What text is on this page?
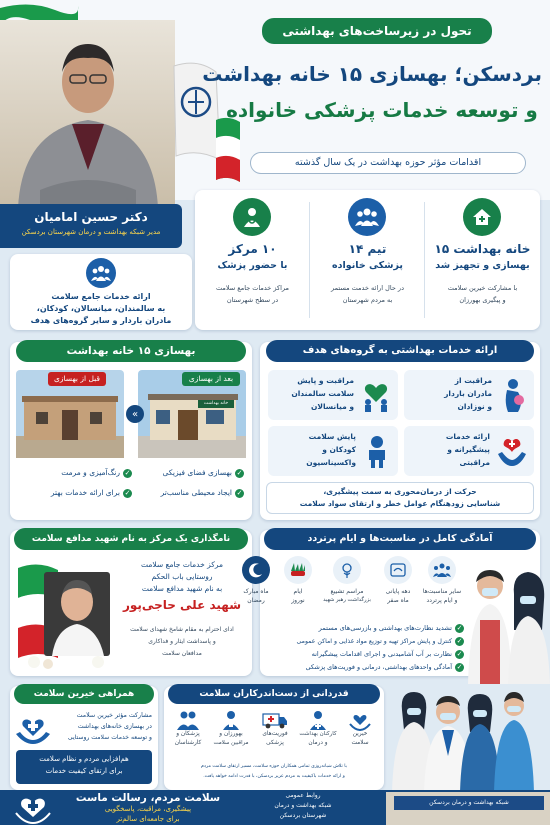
دکتر حسین امامیان
مدیر شبکه بهداشت و درمان شهرستان بردسکن
تحول در زیرساخت‌های بهداشتی
بردسکن؛ بهسازی ۱۵ خانه بهداشت
و توسعه خدمات پزشکی خانواده
اقدامات مؤثر حوزه بهداشت در یک سال گذشته
خانه بهداشت ۱۵
بهسازی و تجهیز شد
با مشارکت خیرین سلامت
و پیگیری بهورزان
تیم ۱۴
پزشکی خانواده
در حال ارائه خدمت مستمر
به مردم شهرستان
۱۰ مرکز
با حضور پزشک
مراکز خدمات جامع سلامت
در سطح شهرستان
ارائه خدمات جامع سلامت
به سالمندان، میانسالان، کودکان،
مادران باردار و سایر گروه‌های هدف
بهسازی ۱۵ خانه بهداشت
خانه بهداشت
بعد از بهسازی
»
قبل از بهسازی
✓بهسازی فضای فیزیکی
✓رنگ‌آمیزی و مرمت
✓ایجاد محیطی مناسب‌تر
✓برای ارائه خدمات بهتر
ارائه خدمات بهداشتی به گروه‌های هدف
مراقبت از
مادران باردار
و نوزادان
مراقبت و پایش
سلامت سالمندان
و میانسالان
ارائه خدمات
پیشگیرانه و
مراقبتی
پایش سلامت
کودکان و
واکسیناسیون
حرکت از درمان‌محوری به سمت پیشگیری،
شناسایی زودهنگام عوامل خطر و ارتقای سواد سلامت
نامگذاری یک مرکز به نام شهید مدافع سلامت
مرکز خدمات جامع سلامت
روستایی باب الحکم
به نام شهید مدافع سلامت
شهید علی حاجی‌پور
ادای احترام به مقام شامخ شهدای سلامت
و پاسداشت ایثار و فداکاری
مدافعان سلامت
آمادگی کامل در مناسبت‌ها و ایام پرتردد
سایر مناسبت‌ها
و ایام پرتردد
دهه پایانی
ماه صفر
مراسم تشییع
بزرگداشت رهبر شهید
ایام
نوروز
ماه مبارک
رمضان
✓تشدید نظارت‌های بهداشتی و بازرسی‌های مستمر
✓کنترل و پایش مراکز تهیه و توزیع مواد غذایی و اماکن عمومی
✓نظارت بر آب آشامیدنی و اجرای اقدامات پیشگیرانه
✓آمادگی واحدهای بهداشتی، درمانی و فوریت‌های پزشکی
همراهی خیرین سلامت
مشارکت مؤثر خیرین سلامت
در بهسازی خانه‌های بهداشت
و توسعه خدمات سلامت روستایی
هم‌افزایی مردم و نظام سلامت
برای ارتقای کیفیت خدمات
قدردانی از دست‌اندرکاران سلامت
خیرین
سلامت
کارکنان بهداشت
و درمان
فوریت‌های
پزشکی
بهورزان و
مراقبین سلامت
پزشکان و
کارشناسان
با تلاش شبانه‌روزی تمامی همکاران حوزه سلامت، مسیر ارتقای سلامت مردم
و ارائه خدمات باکیفیت به مردم عزیز بردسکن، با قدرت ادامه خواهد یافت.
سلامت مردم، رسالت ماست
پیشگیری، مراقبت، پاسخگویی
برای جامعه‌ای سالم‌تر
روابط عمومی
شبکه بهداشت و درمان
شهرستان بردسکن
شبکه بهداشت و درمان بردسکن
